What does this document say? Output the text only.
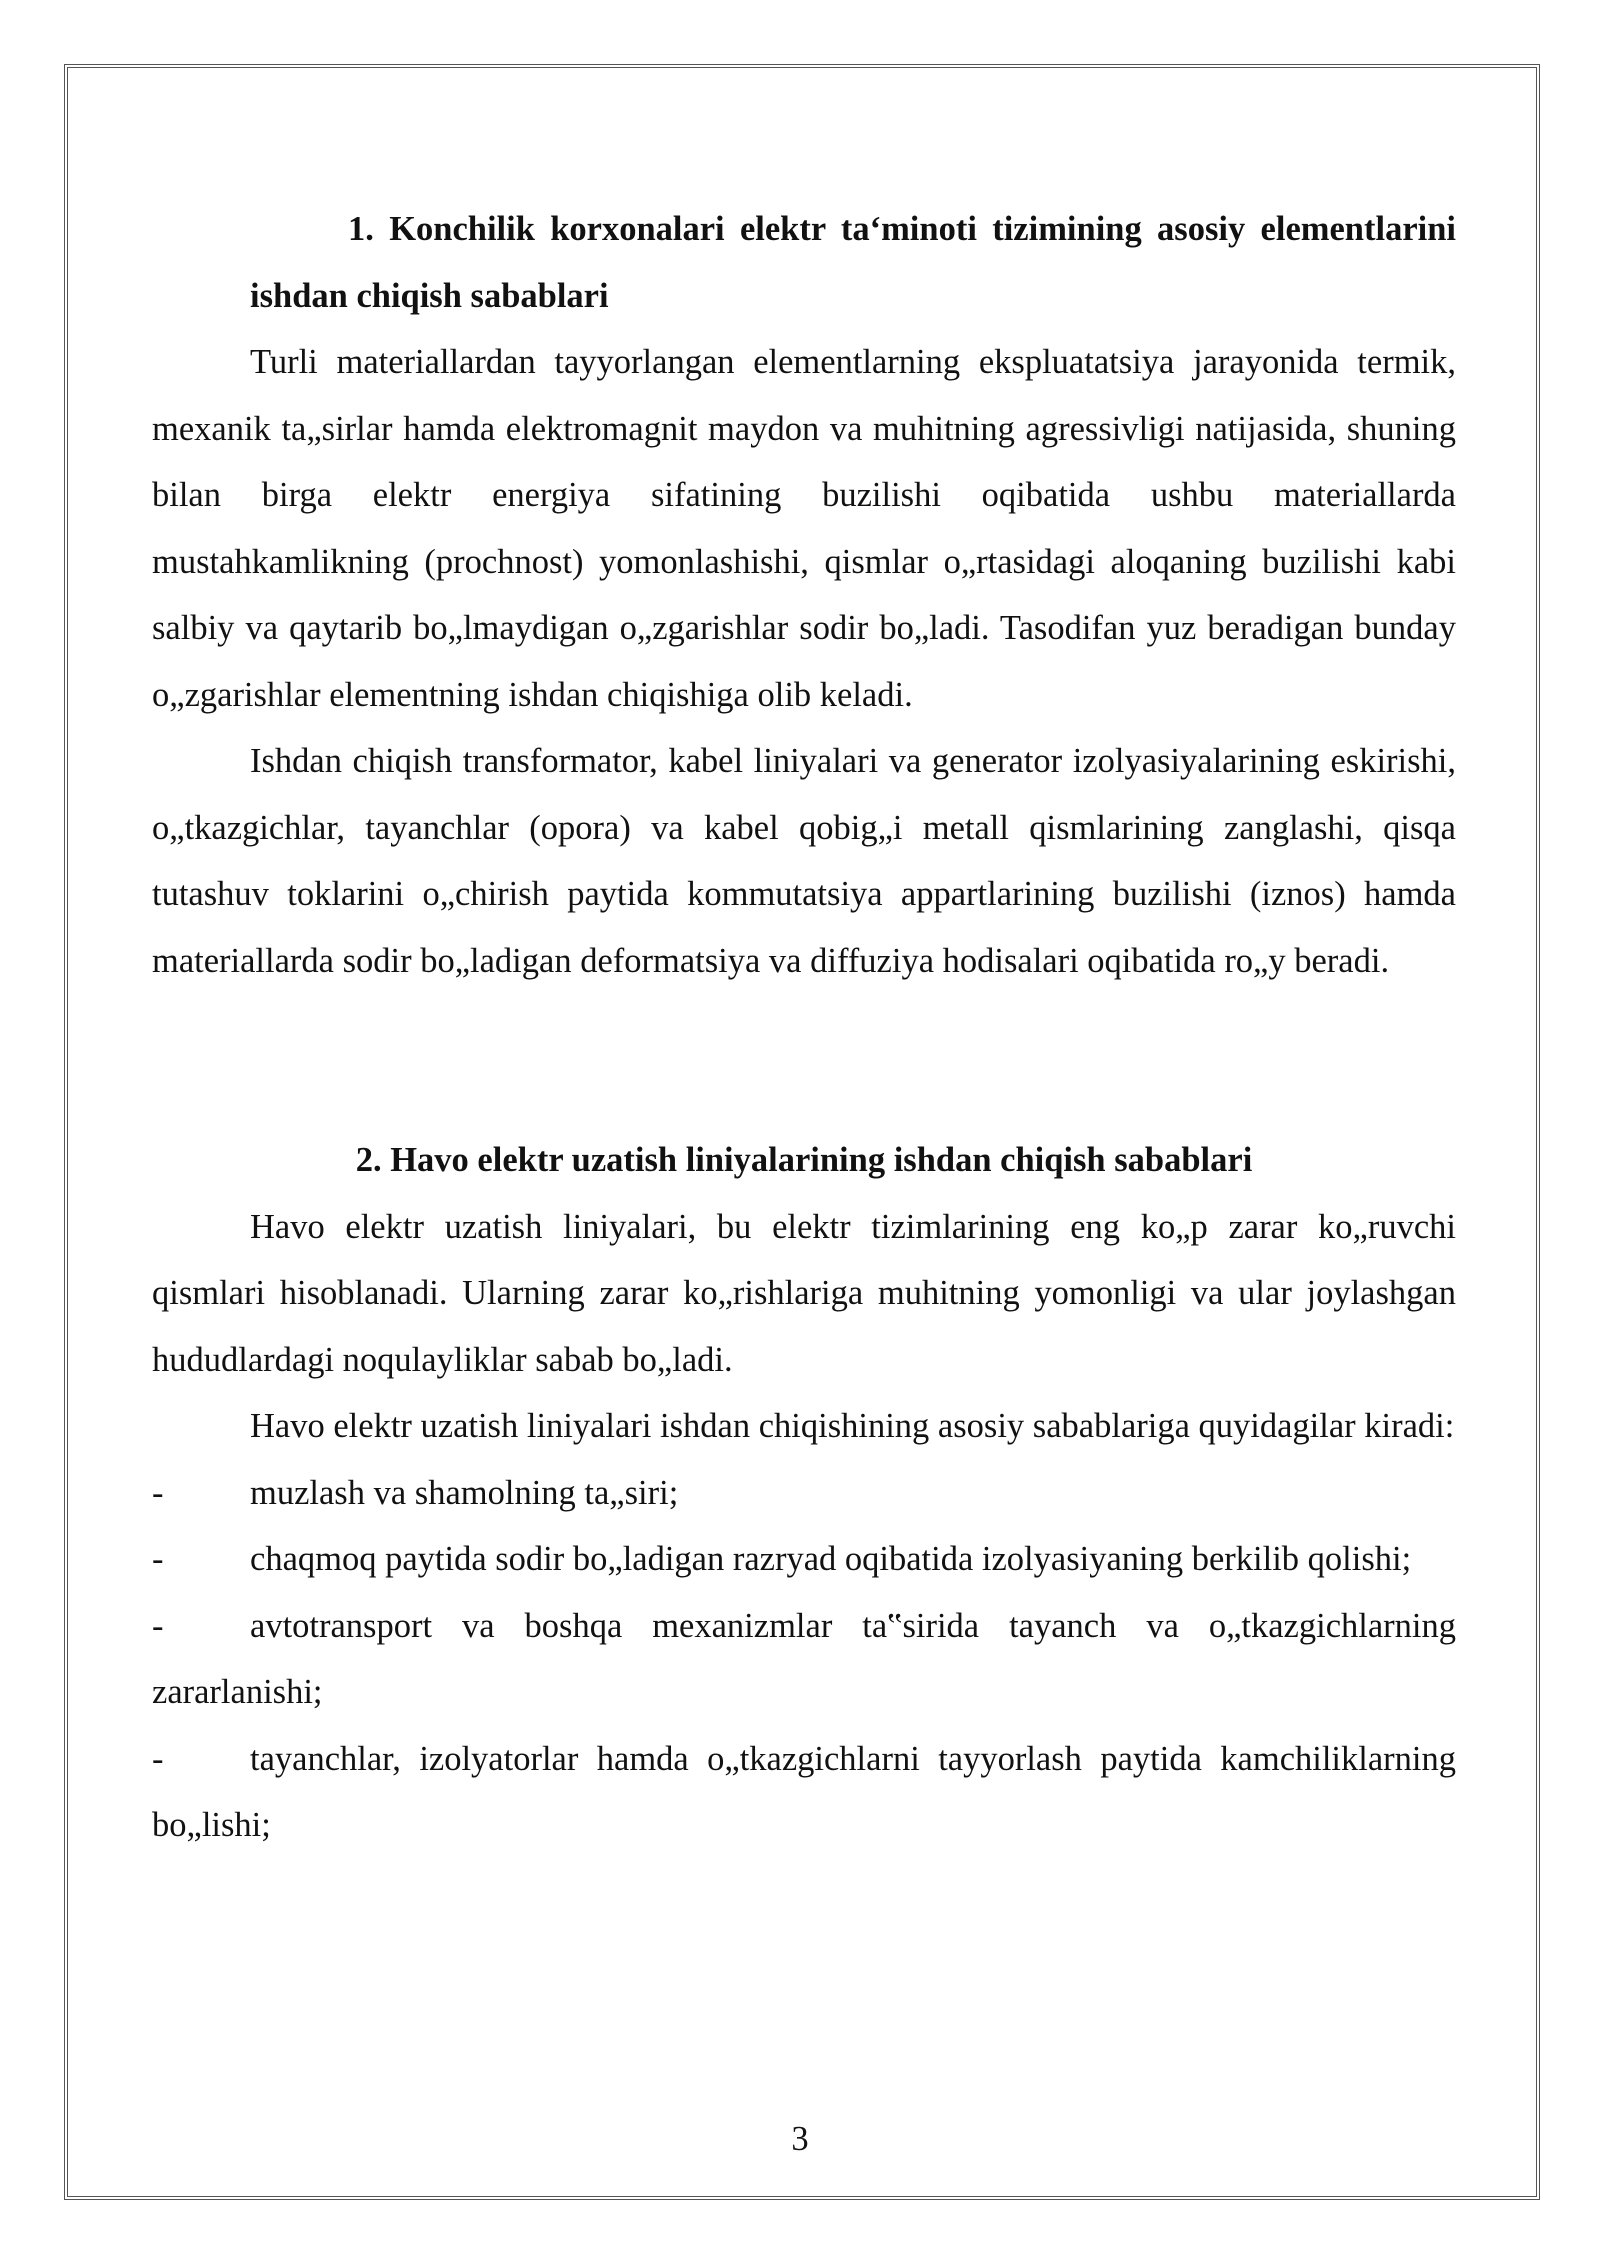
1. Konchilik korxonalari elektr ta‘minoti tizimining asosiy elementlarini ishdan chiqish sabablari

Turli materiallardan tayyorlangan elementlarning ekspluatatsiya jarayonida termik, mexanik ta„sirlar hamda elektromagnit maydon va muhitning agressivligi natijasida, shuning bilan birga elektr energiya sifatining buzilishi oqibatida ushbu materiallarda mustahkamlikning (prochnost) yomonlashishi, qismlar o„rtasidagi aloqaning buzilishi kabi salbiy va qaytarib bo„lmaydigan o„zgarishlar sodir bo„ladi. Tasodifan yuz beradigan bunday o„zgarishlar elementning ishdan chiqishiga olib keladi.

Ishdan chiqish transformator, kabel liniyalari va generator izolyasiyalarining eskirishi, o„tkazgichlar, tayanchlar (opora) va kabel qobig„i metall qismlarining zanglashi, qisqa tutashuv toklarini o„chirish paytida kommutatsiya appartlarining buzilishi (iznos) hamda materiallarda sodir bo„ladigan deformatsiya va diffuziya hodisalari oqibatida ro„y beradi.

2. Havo elektr uzatish liniyalarining ishdan chiqish sabablari

Havo elektr uzatish liniyalari, bu elektr tizimlarining eng ko„p zarar ko„ruvchi qismlari hisoblanadi. Ularning zarar ko„rishlariga muhitning yomonligi va ular joylashgan hududlardagi noqulayliklar sabab bo„ladi.

Havo elektr uzatish liniyalari ishdan chiqishining asosiy sabablariga quyidagilar kiradi:

-	muzlash va shamolning ta„siri;

-	chaqmoq paytida sodir bo„ladigan razryad oqibatida izolyasiyaning berkilib qolishi;

-	avtotransport va boshqa mexanizmlar ta‟sirida tayanch va o„tkazgichlarning zararlanishi;

-	tayanchlar, izolyatorlar hamda o„tkazgichlarni tayyorlash paytida kamchiliklarning bo„lishi;

3
